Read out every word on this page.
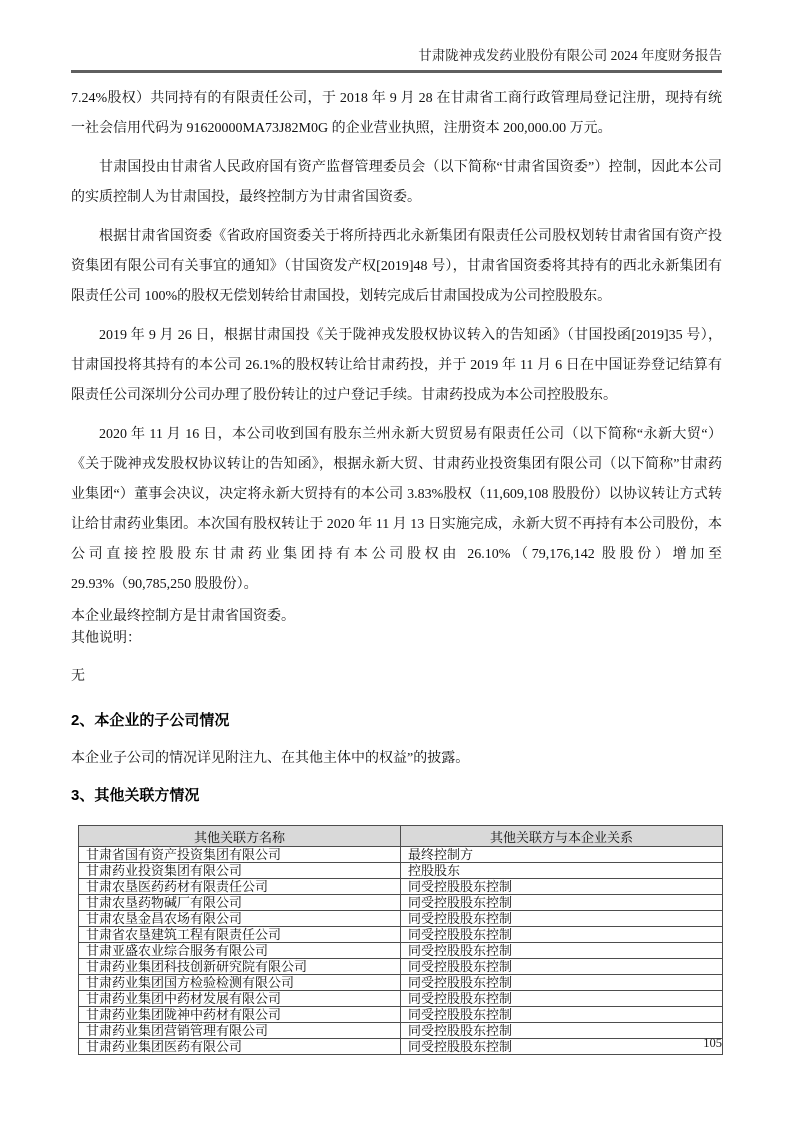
甘肃陇神戎发药业股份有限公司 2024 年度财务报告

7.24%股权）共同持有的有限责任公司，于 2018 年 9 月 28 在甘肃省工商行政管理局登记注册，现持有统一社会信用代码为 91620000MA73J82M0G 的企业营业执照，注册资本 200,000.00 万元。

甘肃国投由甘肃省人民政府国有资产监督管理委员会（以下简称“甘肃省国资委”）控制，因此本公司的实质控制人为甘肃国投，最终控制方为甘肃省国资委。

根据甘肃省国资委《省政府国资委关于将所持西北永新集团有限责任公司股权划转甘肃省国有资产投资集团有限公司有关事宜的通知》（甘国资发产权[2019]48 号），甘肃省国资委将其持有的西北永新集团有限责任公司 100%的股权无偿划转给甘肃国投，划转完成后甘肃国投成为公司控股股东。

2019 年 9 月 26 日，根据甘肃国投《关于陇神戎发股权协议转入的告知函》（甘国投函[2019]35 号），甘肃国投将其持有的本公司 26.1%的股权转让给甘肃药投，并于 2019 年 11 月 6 日在中国证券登记结算有限责任公司深圳分公司办理了股份转让的过户登记手续。甘肃药投成为本公司控股股东。

2020 年 11 月 16 日，本公司收到国有股东兰州永新大贸贸易有限责任公司（以下简称“永新大贸“）《关于陇神戎发股权协议转让的告知函》，根据永新大贸、甘肃药业投资集团有限公司（以下简称”甘肃药业集团“）董事会决议，决定将永新大贸持有的本公司 3.83%股权（11,609,108 股股份）以协议转让方式转让给甘肃药业集团。本次国有股权转让于 2020 年 11 月 13 日实施完成，永新大贸不再持有本公司股份，本公司直接控股股东甘肃药业集团持有本公司股权由 26.10%（79,176,142 股股份）增加至 29.93%（90,785,250 股股份）。

本企业最终控制方是甘肃省国资委。
其他说明：
无
2、本企业的子公司情况
本企业子公司的情况详见附注九、在其他主体中的权益”的披露。
3、其他关联方情况
其他关联方名称	其他关联方与本企业关系
甘肃省国有资产投资集团有限公司	最终控制方
甘肃药业投资集团有限公司	控股股东
甘肃农垦医药药材有限责任公司	同受控股股东控制
甘肃农垦药物碱厂有限公司	同受控股股东控制
甘肃农垦金昌农场有限公司	同受控股股东控制
甘肃省农垦建筑工程有限责任公司	同受控股股东控制
甘肃亚盛农业综合服务有限公司	同受控股股东控制
甘肃药业集团科技创新研究院有限公司	同受控股股东控制
甘肃药业集团国方检验检测有限公司	同受控股股东控制
甘肃药业集团中药材发展有限公司	同受控股股东控制
甘肃药业集团陇神中药材有限公司	同受控股股东控制
甘肃药业集团营销管理有限公司	同受控股股东控制
甘肃药业集团医药有限公司	同受控股股东控制	105
